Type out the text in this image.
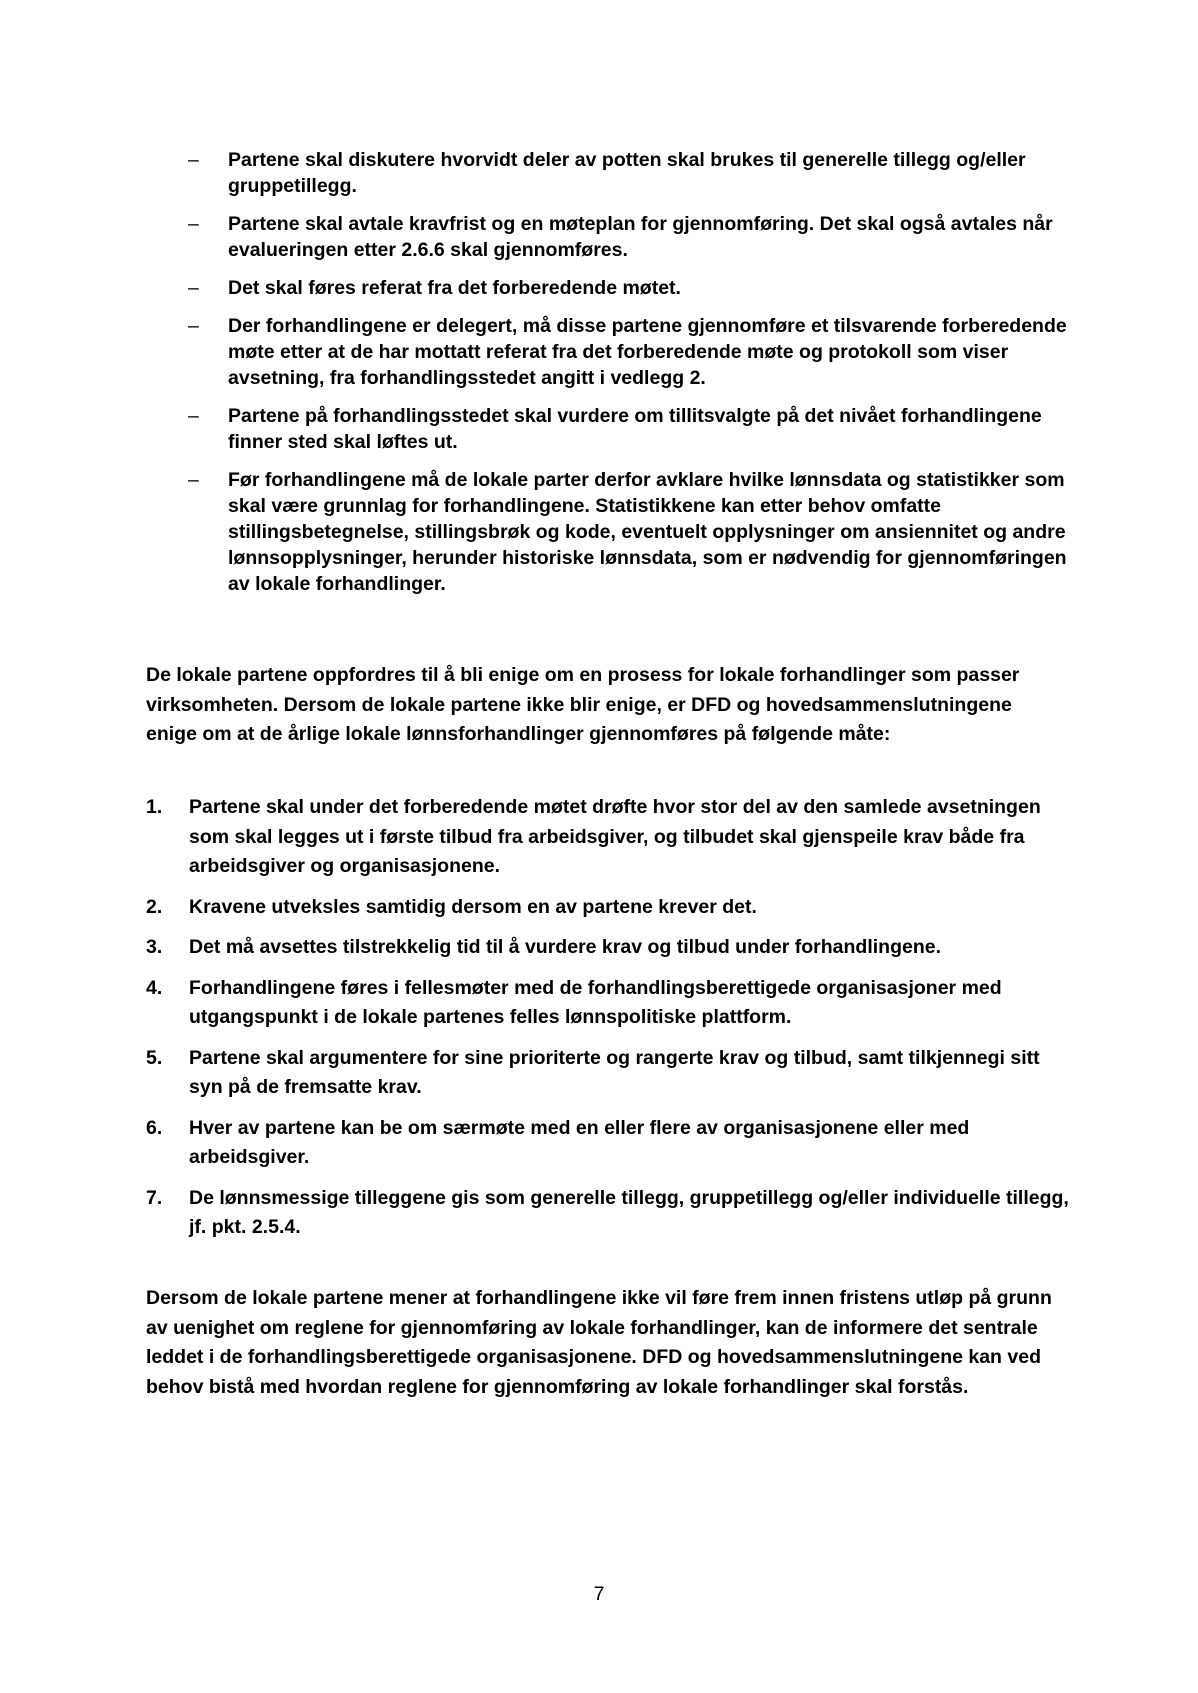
– Partene skal diskutere hvorvidt deler av potten skal brukes til generelle tillegg og/eller gruppetillegg.
– Partene skal avtale kravfrist og en møteplan for gjennomføring. Det skal også avtales når evalueringen etter 2.6.6 skal gjennomføres.
– Det skal føres referat fra det forberedende møtet.
– Der forhandlingene er delegert, må disse partene gjennomføre et tilsvarende forberedende møte etter at de har mottatt referat fra det forberedende møte og protokoll som viser avsetning, fra forhandlingsstedet angitt i vedlegg 2.
– Partene på forhandlingsstedet skal vurdere om tillitsvalgte på det nivået forhandlingene finner sted skal løftes ut.
– Før forhandlingene må de lokale parter derfor avklare hvilke lønnsdata og statistikker som skal være grunnlag for forhandlingene. Statistikkene kan etter behov omfatte stillingsbetegnelse, stillingsbrøk og kode, eventuelt opplysninger om ansiennitet og andre lønnsopplysninger, herunder historiske lønnsdata, som er nødvendig for gjennomføringen av lokale forhandlinger.

De lokale partene oppfordres til å bli enige om en prosess for lokale forhandlinger som passer virksomheten. Dersom de lokale partene ikke blir enige, er DFD og hovedsammenslutningene enige om at de årlige lokale lønnsforhandlinger gjennomføres på følgende måte:

1. Partene skal under det forberedende møtet drøfte hvor stor del av den samlede avsetningen som skal legges ut i første tilbud fra arbeidsgiver, og tilbudet skal gjenspeile krav både fra arbeidsgiver og organisasjonene.
2. Kravene utveksles samtidig dersom en av partene krever det.
3. Det må avsettes tilstrekkelig tid til å vurdere krav og tilbud under forhandlingene.
4. Forhandlingene føres i fellesmøter med de forhandlingsberettigede organisasjoner med utgangspunkt i de lokale partenes felles lønnspolitiske plattform.
5. Partene skal argumentere for sine prioriterte og rangerte krav og tilbud, samt tilkjennegi sitt syn på de fremsatte krav.
6. Hver av partene kan be om særmøte med en eller flere av organisasjonene eller med arbeidsgiver.
7. De lønnsmessige tilleggene gis som generelle tillegg, gruppetillegg og/eller individuelle tillegg, jf. pkt. 2.5.4.

Dersom de lokale partene mener at forhandlingene ikke vil føre frem innen fristens utløp på grunn av uenighet om reglene for gjennomføring av lokale forhandlinger, kan de informere det sentrale leddet i de forhandlingsberettigede organisasjonene. DFD og hovedsammenslutningene kan ved behov bistå med hvordan reglene for gjennomføring av lokale forhandlinger skal forstås.

7
